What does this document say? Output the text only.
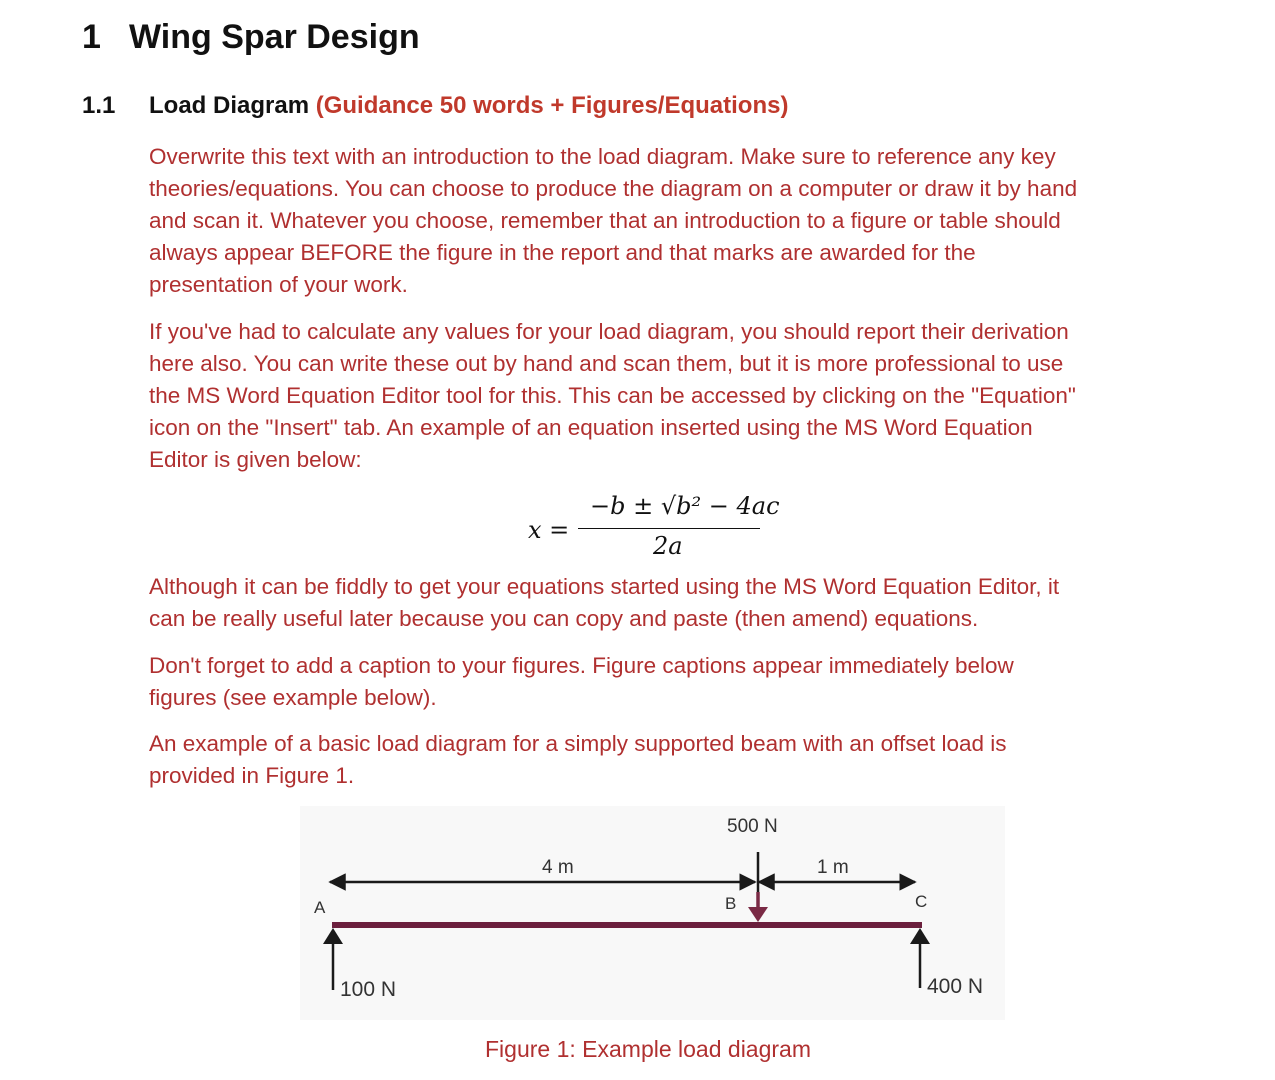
1 Wing Spar Design
1.1 Load Diagram (Guidance 50 words + Figures/Equations)
Overwrite this text with an introduction to the load diagram. Make sure to reference any key
theories/equations. You can choose to produce the diagram on a computer or draw it by hand
and scan it. Whatever you choose, remember that an introduction to a figure or table should
always appear BEFORE the figure in the report and that marks are awarded for the
presentation of your work.
If you've had to calculate any values for your load diagram, you should report their derivation
here also. You can write these out by hand and scan them, but it is more professional to use
the MS Word Equation Editor tool for this. This can be accessed by clicking on the "Equation"
icon on the "Insert" tab. An example of an equation inserted using the MS Word Equation
Editor is given below:
x =
−b ± √b² − 4ac
2a
Although it can be fiddly to get your equations started using the MS Word Equation Editor, it
can be really useful later because you can copy and paste (then amend) equations.
Don't forget to add a caption to your figures. Figure captions appear immediately below
figures (see example below).
An example of a basic load diagram for a simply supported beam with an offset load is
provided in Figure 1.
500 N
4 m	1 m
A	B	C
100 N	400 N
Figure 1: Example load diagram
